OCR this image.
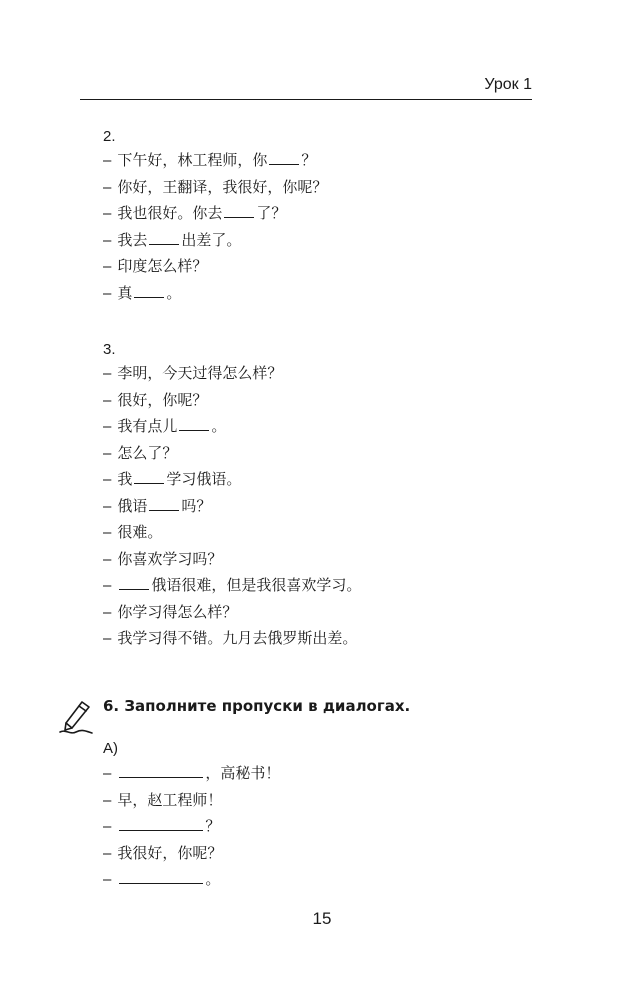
Урок 1
2.
– 下午好，林工程师，你 ？
– 你好，王翻译，我很好，你呢？
– 我也很好。你去 了？
– 我去 出差了。
– 印度怎么样？
– 真 。
3.
– 李明，今天过得怎么样？
– 很好，你呢？
– 我有点儿 。
– 怎么了？
– 我 学习俄语。
– 俄语 吗？
– 很难。
– 你喜欢学习吗？
–	俄语很难，但是我很喜欢学习。
– 你学习得怎么样？
– 我学习得不错。九月去俄罗斯出差。
6. Заполните пропуски в диалогах.
A)
–	，高秘书！
– 早，赵工程师！
–	？
– 我很好，你呢？
–	。
15
